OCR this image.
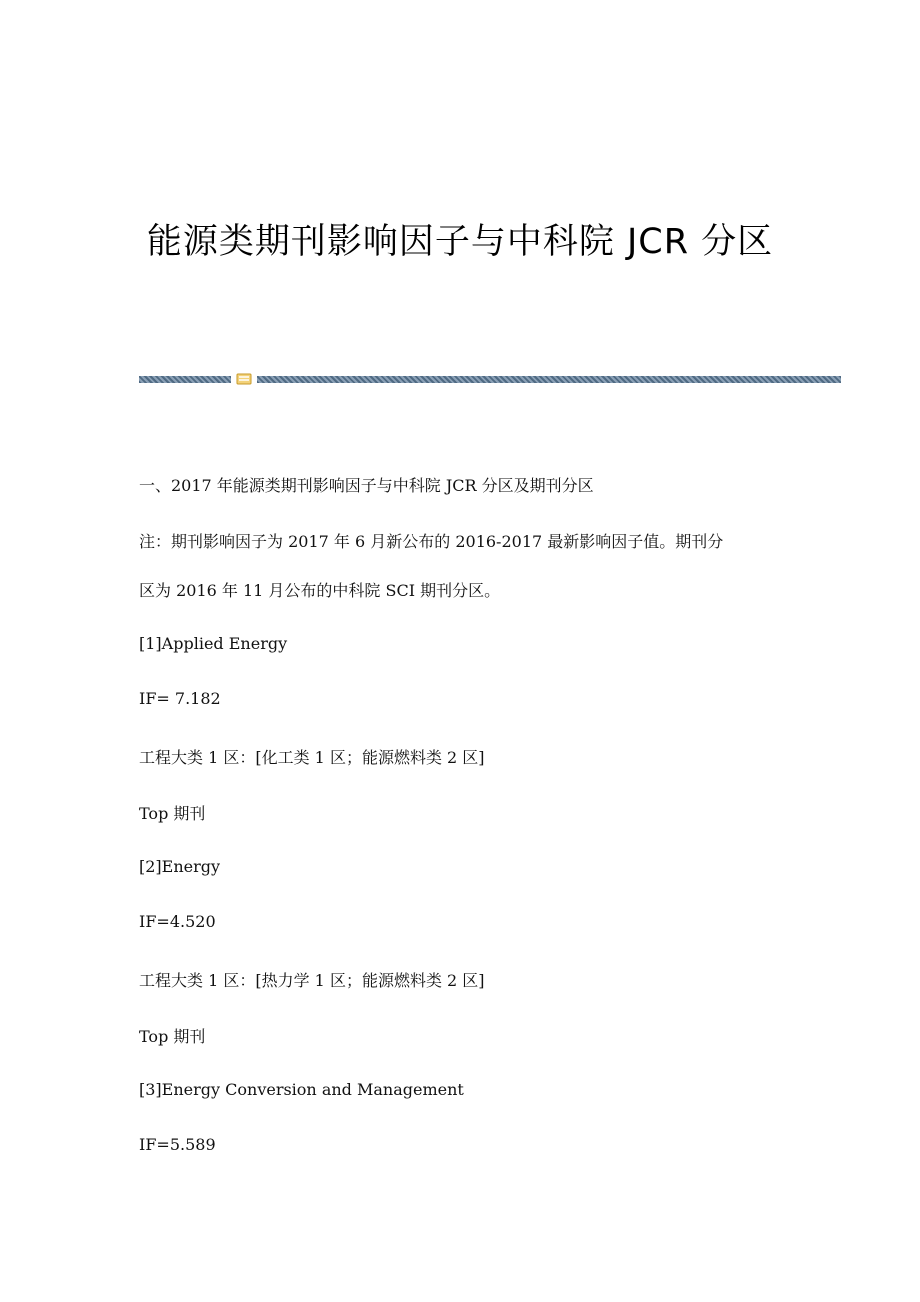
能源类期刊影响因子与中科院 JCR 分区
一、2017 年能源类期刊影响因子与中科院 JCR 分区及期刊分区
注：期刊影响因子为 2017 年 6 月新公布的 2016-2017 最新影响因子值。期刊分
区为 2016 年 11 月公布的中科院 SCI 期刊分区。
[1]Applied Energy
IF= 7.182
工程大类 1 区：[化工类 1 区；能源燃料类 2 区]
Top 期刊
[2]Energy
IF=4.520
工程大类 1 区：[热力学 1 区；能源燃料类 2 区]
Top 期刊
[3]Energy Conversion and Management
IF=5.589
